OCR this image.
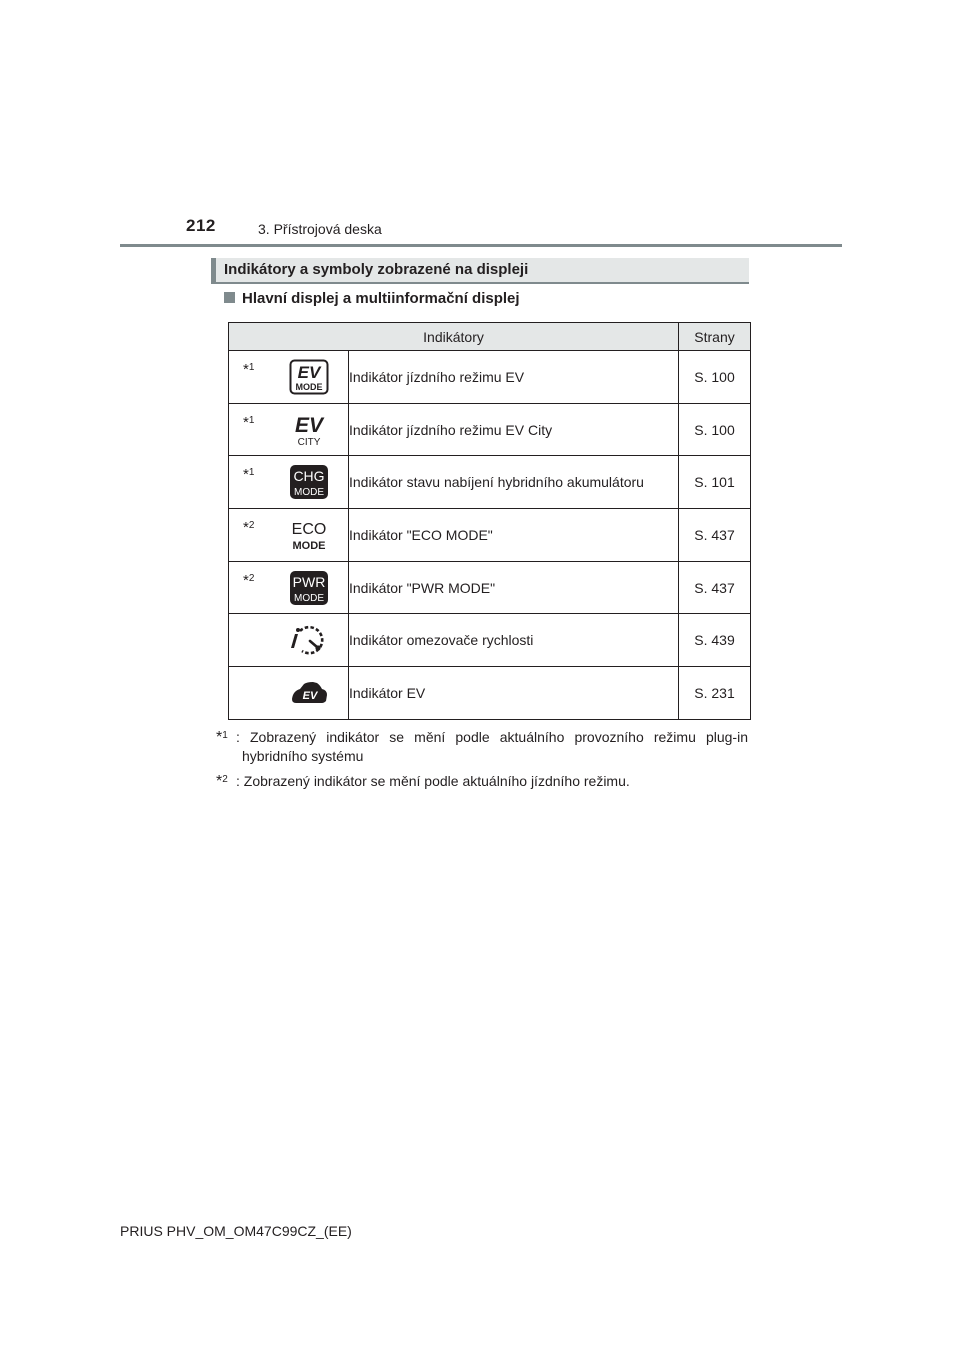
212	3. Přístrojová deska
Indikátory a symboly zobrazené na displeji
Hlavní displej a multiinformační displej
Indikátory		Strany

*$^1$ EV
MODE	Indikátor jízdního režimu EV	S. 100

*$^1$ EV
CITY	Indikátor jízdního režimu EV City	S. 100

*$^1$ CHG
MODE	Indikátor stavu nabíjení hybridního akumulátoru	S. 101

*$^2$ ECO
MODE	Indikátor "ECO MODE"	S. 437

*$^2$ PWR
MODE	Indikátor "PWR MODE"	S. 437

	Indikátor omezovače rychlosti	S. 439

EV	Indikátor EV	S. 231
*$^1$ : Zobrazený indikátor se mění podle aktuálního provozního režimu plug-in
hybridního systému
*$^2$ : Zobrazený indikátor se mění podle aktuálního jízdního režimu.
PRIUS PHV_OM_OM47C99CZ_(EE)
